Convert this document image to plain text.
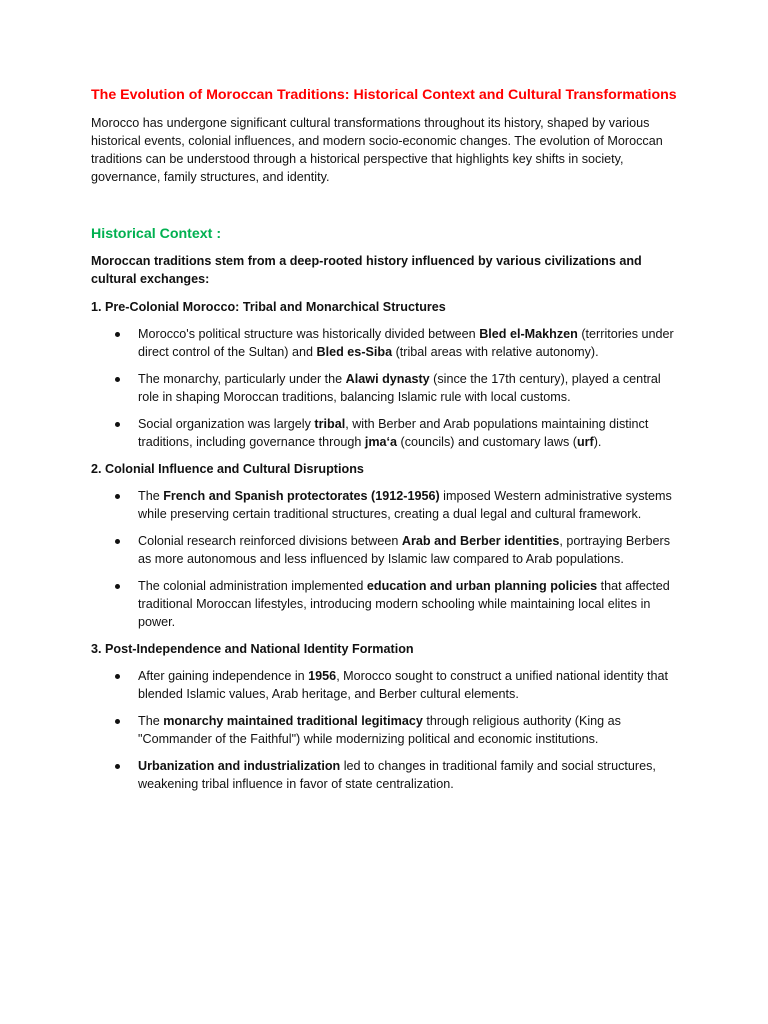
The Evolution of Moroccan Traditions: Historical Context and Cultural Transformations

Morocco has undergone significant cultural transformations throughout its history, shaped by various historical events, colonial influences, and modern socio-economic changes. The evolution of Moroccan traditions can be understood through a historical perspective that highlights key shifts in society, governance, family structures, and identity.

Historical Context :

Moroccan traditions stem from a deep-rooted history influenced by various civilizations and cultural exchanges:

1. Pre-Colonial Morocco: Tribal and Monarchical Structures

Morocco's political structure was historically divided between Bled el-Makhzen (territories under direct control of the Sultan) and Bled es-Siba (tribal areas with relative autonomy).
The monarchy, particularly under the Alawi dynasty (since the 17th century), played a central role in shaping Moroccan traditions, balancing Islamic rule with local customs.
Social organization was largely tribal, with Berber and Arab populations maintaining distinct traditions, including governance through jma‘a (councils) and customary laws (urf).

2. Colonial Influence and Cultural Disruptions

The French and Spanish protectorates (1912-1956) imposed Western administrative systems while preserving certain traditional structures, creating a dual legal and cultural framework.
Colonial research reinforced divisions between Arab and Berber identities, portraying Berbers as more autonomous and less influenced by Islamic law compared to Arab populations.
The colonial administration implemented education and urban planning policies that affected traditional Moroccan lifestyles, introducing modern schooling while maintaining local elites in power.

3. Post-Independence and National Identity Formation

After gaining independence in 1956, Morocco sought to construct a unified national identity that blended Islamic values, Arab heritage, and Berber cultural elements.
The monarchy maintained traditional legitimacy through religious authority (King as "Commander of the Faithful") while modernizing political and economic institutions.
Urbanization and industrialization led to changes in traditional family and social structures, weakening tribal influence in favor of state centralization.
